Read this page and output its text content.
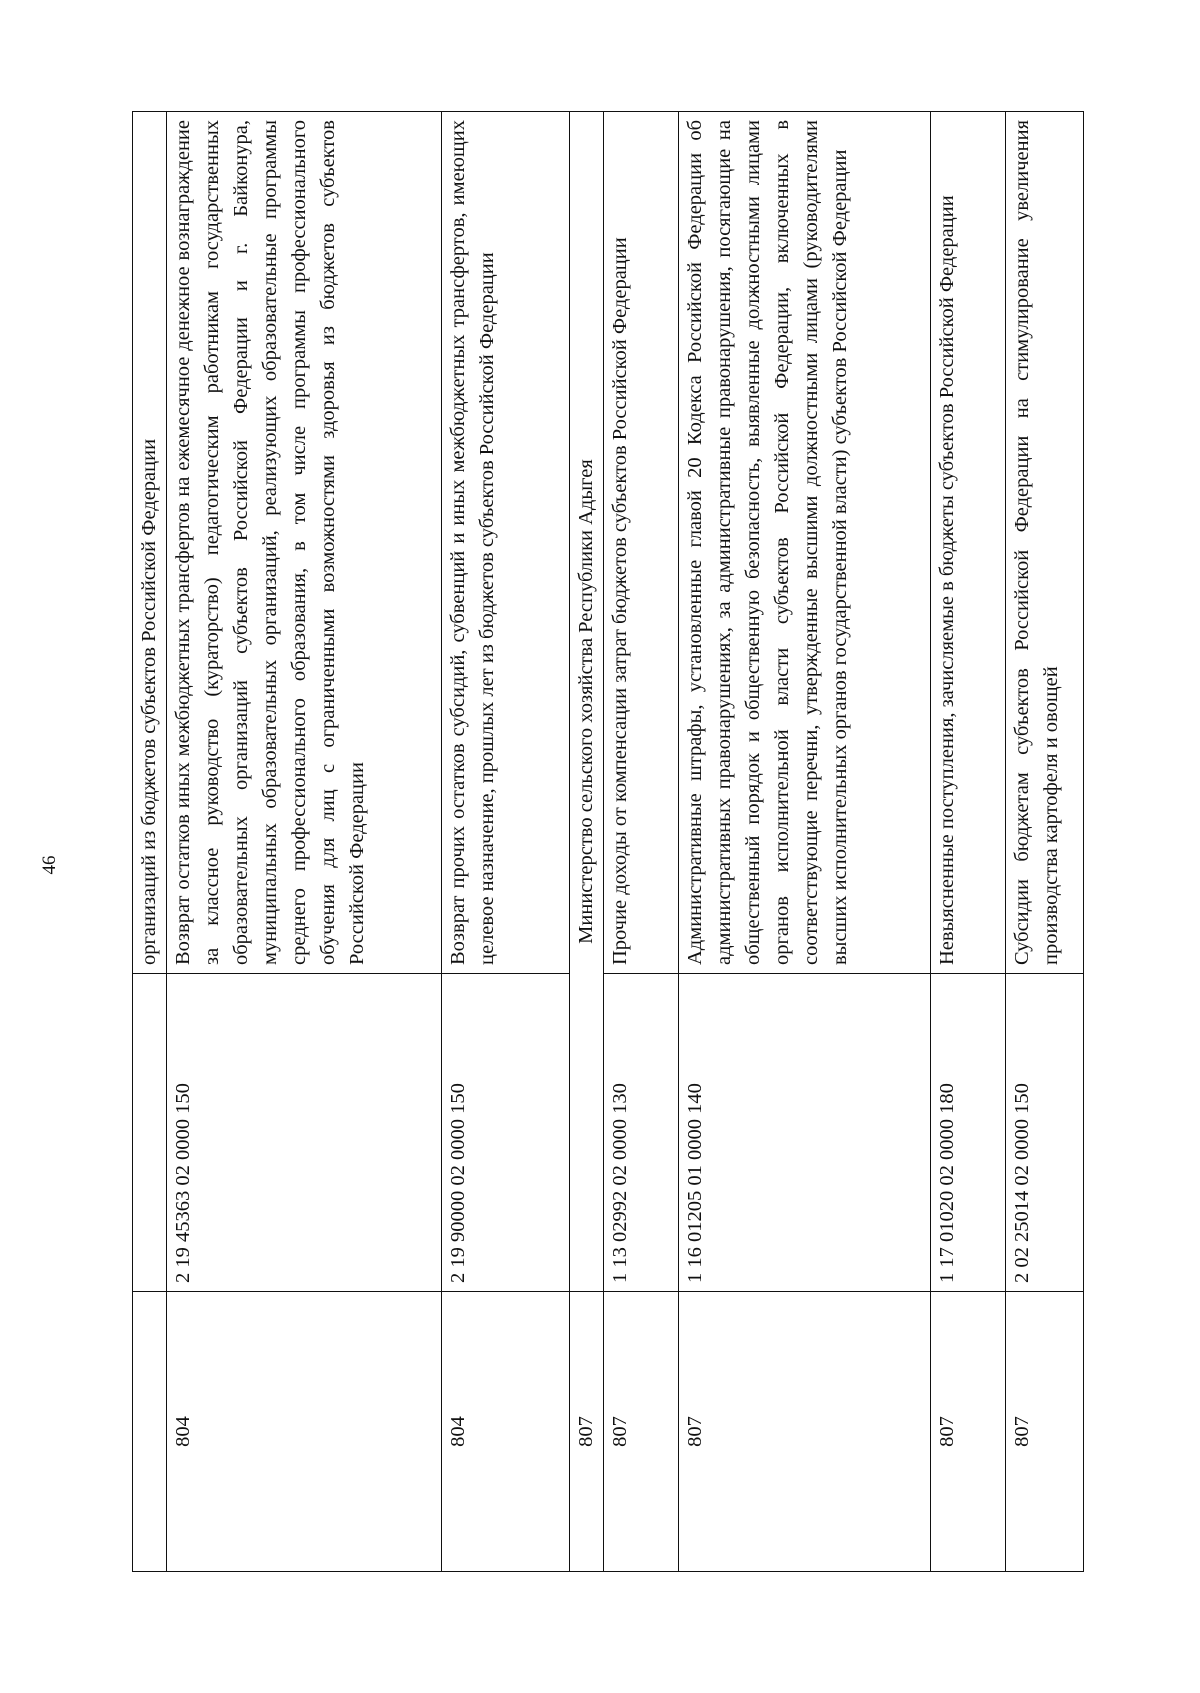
46
			организаций из бюджетов субъектов Российской Федерации
804	2 19 45363 02 0000 150	Возврат остатков иных межбюджетных трансфертов на ежемесячное денежное вознаграждение за классное руководство (кураторство) педагогическим работникам государственных образовательных организаций субъектов Российской Федерации и г. Байконура, муниципальных образовательных организаций, реализующих образовательные программы среднего профессионального образования, в том числе программы профессионального обучения для лиц с ограниченными возможностями здоровья из бюджетов субъектов Российской Федерации
804	2 19 90000 02 0000 150	Возврат прочих остатков субсидий, субвенций и иных межбюджетных трансфертов, имеющих целевое назначение, прошлых лет из бюджетов субъектов Российской Федерации
807	Министерство сельского хозяйства Республики Адыгея	
807	1 13 02992 02 0000 130	Прочие доходы от компенсации затрат бюджетов субъектов Российской Федерации
807	1 16 01205 01 0000 140	Административные штрафы, установленные главой 20 Кодекса Российской Федерации об административных правонарушениях, за административные правонарушения, посягающие на общественный порядок и общественную безопасность, выявленные должностными лицами органов исполнительной власти субъектов Российской Федерации, включенных в соответствующие перечни, утвержденные высшими должностными лицами (руководителями высших исполнительных органов государственной власти) субъектов Российской Федерации
807	1 17 01020 02 0000 180	Невыясненные поступления, зачисляемые в бюджеты субъектов Российской Федерации
807	2 02 25014 02 0000 150	Субсидии бюджетам субъектов Российской Федерации на стимулирование увеличения производства картофеля и овощей
